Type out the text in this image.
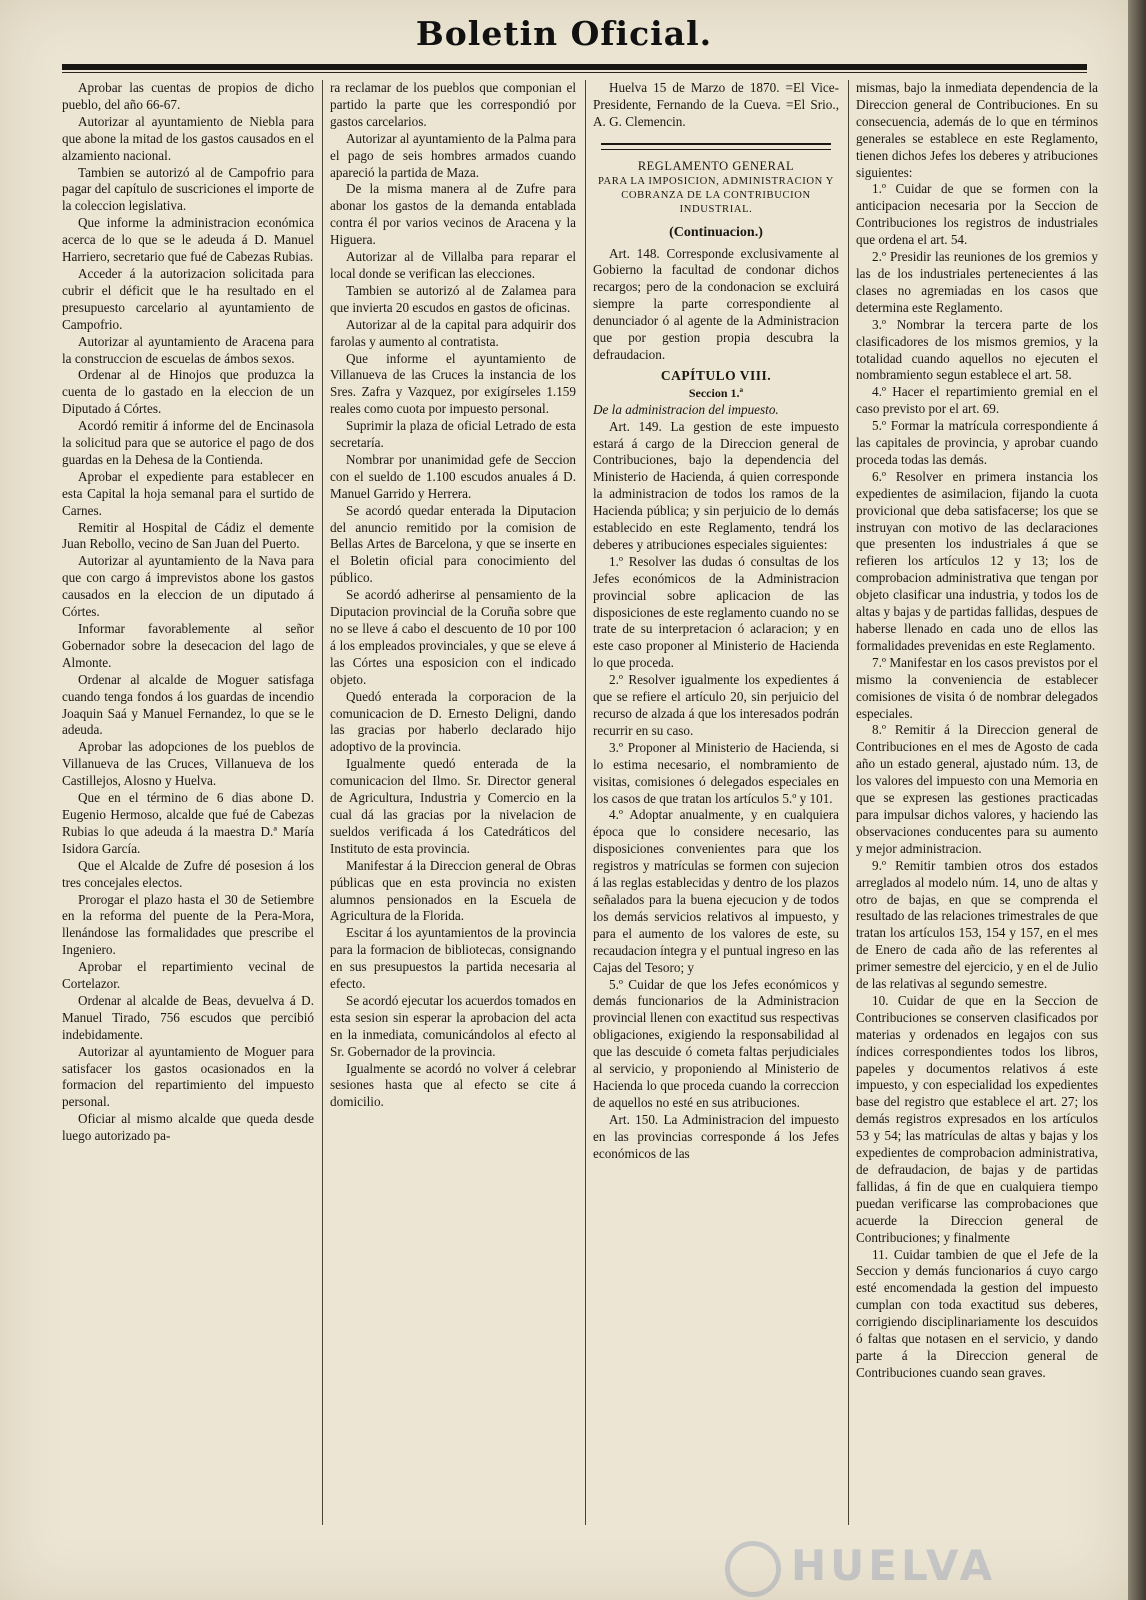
Boletin Oficial.

Aprobar las cuentas de propios de dicho pueblo, del año 66-67.

Autorizar al ayuntamiento de Niebla para que abone la mitad de los gastos causados en el alzamiento nacional.

Tambien se autorizó al de Campofrio para pagar del capítulo de suscriciones el importe de la coleccion legislativa.

Que informe la administracion económica acerca de lo que se le adeuda á D. Manuel Harriero, secretario que fué de Cabezas Rubias.

Acceder á la autorizacion solicitada para cubrir el déficit que le ha resultado en el presupuesto carcelario al ayuntamiento de Campofrio.

Autorizar al ayuntamiento de Aracena para la construccion de escuelas de ámbos sexos.

Ordenar al de Hinojos que produzca la cuenta de lo gastado en la eleccion de un Diputado á Córtes.

Acordó remitir á informe del de Encinasola la solicitud para que se autorice el pago de dos guardas en la Dehesa de la Contienda.

Aprobar el expediente para establecer en esta Capital la hoja semanal para el surtido de Carnes.

Remitir al Hospital de Cádiz el demente Juan Rebollo, vecino de San Juan del Puerto.

Autorizar al ayuntamiento de la Nava para que con cargo á imprevistos abone los gastos causados en la eleccion de un diputado á Córtes.

Informar favorablemente al señor Gobernador sobre la desecacion del lago de Almonte.

Ordenar al alcalde de Moguer satisfaga cuando tenga fondos á los guardas de incendio Joaquin Saá y Manuel Fernandez, lo que se le adeuda.

Aprobar las adopciones de los pueblos de Villanueva de las Cruces, Villanueva de los Castillejos, Alosno y Huelva.

Que en el término de 6 dias abone D. Eugenio Hermoso, alcalde que fué de Cabezas Rubias lo que adeuda á la maestra D.ª María Isidora García.

Que el Alcalde de Zufre dé posesion á los tres concejales electos.

Prorogar el plazo hasta el 30 de Setiembre en la reforma del puente de la Pera-Mora, llenándose las formalidades que prescribe el Ingeniero.

Aprobar el repartimiento vecinal de Cortelazor.

Ordenar al alcalde de Beas, devuelva á D. Manuel Tirado, 756 escudos que percibió indebidamente.

Autorizar al ayuntamiento de Moguer para satisfacer los gastos ocasionados en la formacion del repartimiento del impuesto personal.

Oficiar al mismo alcalde que queda desde luego autorizado pa-

ra reclamar de los pueblos que componian el partido la parte que les correspondió por gastos carcelarios.

Autorizar al ayuntamiento de la Palma para el pago de seis hombres armados cuando apareció la partida de Maza.

De la misma manera al de Zufre para abonar los gastos de la demanda entablada contra él por varios vecinos de Aracena y la Higuera.

Autorizar al de Villalba para reparar el local donde se verifican las elecciones.

Tambien se autorizó al de Zalamea para que invierta 20 escudos en gastos de oficinas.

Autorizar al de la capital para adquirir dos farolas y aumento al contratista.

Que informe el ayuntamiento de Villanueva de las Cruces la instancia de los Sres. Zafra y Vazquez, por exigírseles 1.159 reales como cuota por impuesto personal.

Suprimir la plaza de oficial Letrado de esta secretaría.

Nombrar por unanimidad gefe de Seccion con el sueldo de 1.100 escudos anuales á D. Manuel Garrido y Herrera.

Se acordó quedar enterada la Diputacion del anuncio remitido por la comision de Bellas Artes de Barcelona, y que se inserte en el Boletin oficial para conocimiento del público.

Se acordó adherirse al pensamiento de la Diputacion provincial de la Coruña sobre que no se lleve á cabo el descuento de 10 por 100 á los empleados provinciales, y que se eleve á las Córtes una esposicion con el indicado objeto.

Quedó enterada la corporacion de la comunicacion de D. Ernesto Deligni, dando las gracias por haberlo declarado hijo adoptivo de la provincia.

Igualmente quedó enterada de la comunicacion del Ilmo. Sr. Director general de Agricultura, Industria y Comercio en la cual dá las gracias por la nivelacion de sueldos verificada á los Catedráticos del Instituto de esta provincia.

Manifestar á la Direccion general de Obras públicas que en esta provincia no existen alumnos pensionados en la Escuela de Agricultura de la Florida.

Escitar á los ayuntamientos de la provincia para la formacion de bibliotecas, consignando en sus presupuestos la partida necesaria al efecto.

Se acordó ejecutar los acuerdos tomados en esta sesion sin esperar la aprobacion del acta en la inmediata, comunicándolos al efecto al Sr. Gobernador de la provincia.

Igualmente se acordó no volver á celebrar sesiones hasta que al efecto se cite á domicilio.

Huelva 15 de Marzo de 1870. =El Vice-Presidente, Fernando de la Cueva. =El Srio., A. G. Clemencin.

REGLAMENTO GENERAL

PARA LA IMPOSICION, ADMINISTRACION Y COBRANZA DE LA CONTRIBUCION INDUSTRIAL.

(Continuacion.)

Art. 148. Corresponde exclusivamente al Gobierno la facultad de condonar dichos recargos; pero de la condonacion se excluirá siempre la parte correspondiente al denunciador ó al agente de la Administracion que por gestion propia descubra la defraudacion.

CAPÍTULO VIII.

Seccion 1.ª

De la administracion del impuesto.

Art. 149. La gestion de este impuesto estará á cargo de la Direccion general de Contribuciones, bajo la dependencia del Ministerio de Hacienda, á quien corresponde la administracion de todos los ramos de la Hacienda pública; y sin perjuicio de lo demás establecido en este Reglamento, tendrá los deberes y atribuciones especiales siguientes:

1.º Resolver las dudas ó consultas de los Jefes económicos de la Administracion provincial sobre aplicacion de las disposiciones de este reglamento cuando no se trate de su interpretacion ó aclaracion; y en este caso proponer al Ministerio de Hacienda lo que proceda.

2.º Resolver igualmente los expedientes á que se refiere el artículo 20, sin perjuicio del recurso de alzada á que los interesados podrán recurrir en su caso.

3.º Proponer al Ministerio de Hacienda, si lo estima necesario, el nombramiento de visitas, comisiones ó delegados especiales en los casos de que tratan los artículos 5.º y 101.

4.º Adoptar anualmente, y en cualquiera época que lo considere necesario, las disposiciones convenientes para que los registros y matrículas se formen con sujecion á las reglas establecidas y dentro de los plazos señalados para la buena ejecucion y de todos los demás servicios relativos al impuesto, y para el aumento de los valores de este, su recaudacion íntegra y el puntual ingreso en las Cajas del Tesoro; y

5.º Cuidar de que los Jefes económicos y demás funcionarios de la Administracion provincial llenen con exactitud sus respectivas obligaciones, exigiendo la responsabilidad al que las descuide ó cometa faltas perjudiciales al servicio, y proponiendo al Ministerio de Hacienda lo que proceda cuando la correccion de aquellos no esté en sus atribuciones.

Art. 150. La Administracion del impuesto en las provincias corresponde á los Jefes económicos de las

mismas, bajo la inmediata dependencia de la Direccion general de Contribuciones. En su consecuencia, además de lo que en términos generales se establece en este Reglamento, tienen dichos Jefes los deberes y atribuciones siguientes:

1.º Cuidar de que se formen con la anticipacion necesaria por la Seccion de Contribuciones los registros de industriales que ordena el art. 54.

2.º Presidir las reuniones de los gremios y las de los industriales pertenecientes á las clases no agremiadas en los casos que determina este Reglamento.

3.º Nombrar la tercera parte de los clasificadores de los mismos gremios, y la totalidad cuando aquellos no ejecuten el nombramiento segun establece el art. 58.

4.º Hacer el repartimiento gremial en el caso previsto por el art. 69.

5.º Formar la matrícula correspondiente á las capitales de provincia, y aprobar cuando proceda todas las demás.

6.º Resolver en primera instancia los expedientes de asimilacion, fijando la cuota provicional que deba satisfacerse; los que se instruyan con motivo de las declaraciones que presenten los industriales á que se refieren los artículos 12 y 13; los de comprobacion administrativa que tengan por objeto clasificar una industria, y todos los de altas y bajas y de partidas fallidas, despues de haberse llenado en cada uno de ellos las formalidades prevenidas en este Reglamento.

7.º Manifestar en los casos previstos por el mismo la conveniencia de establecer comisiones de visita ó de nombrar delegados especiales.

8.º Remitir á la Direccion general de Contribuciones en el mes de Agosto de cada año un estado general, ajustado núm. 13, de los valores del impuesto con una Memoria en que se expresen las gestiones practicadas para impulsar dichos valores, y haciendo las observaciones conducentes para su aumento y mejor administracion.

9.º Remitir tambien otros dos estados arreglados al modelo núm. 14, uno de altas y otro de bajas, en que se comprenda el resultado de las relaciones trimestrales de que tratan los artículos 153, 154 y 157, en el mes de Enero de cada año de las referentes al primer semestre del ejercicio, y en el de Julio de las relativas al segundo semestre.

10. Cuidar de que en la Seccion de Contribuciones se conserven clasificados por materias y ordenados en legajos con sus índices correspondientes todos los libros, papeles y documentos relativos á este impuesto, y con especialidad los expedientes base del registro que establece el art. 27; los demás registros expresados en los artículos 53 y 54; las matrículas de altas y bajas y los expedientes de comprobacion administrativa, de defraudacion, de bajas y de partidas fallidas, á fin de que en cualquiera tiempo puedan verificarse las comprobaciones que acuerde la Direccion general de Contribuciones; y finalmente

11. Cuidar tambien de que el Jefe de la Seccion y demás funcionarios á cuyo cargo esté encomendada la gestion del impuesto cumplan con toda exactitud sus deberes, corrigiendo disciplinariamente los descuidos ó faltas que notasen en el servicio, y dando parte á la Direccion general de Contribuciones cuando sean graves.

HUELVA
